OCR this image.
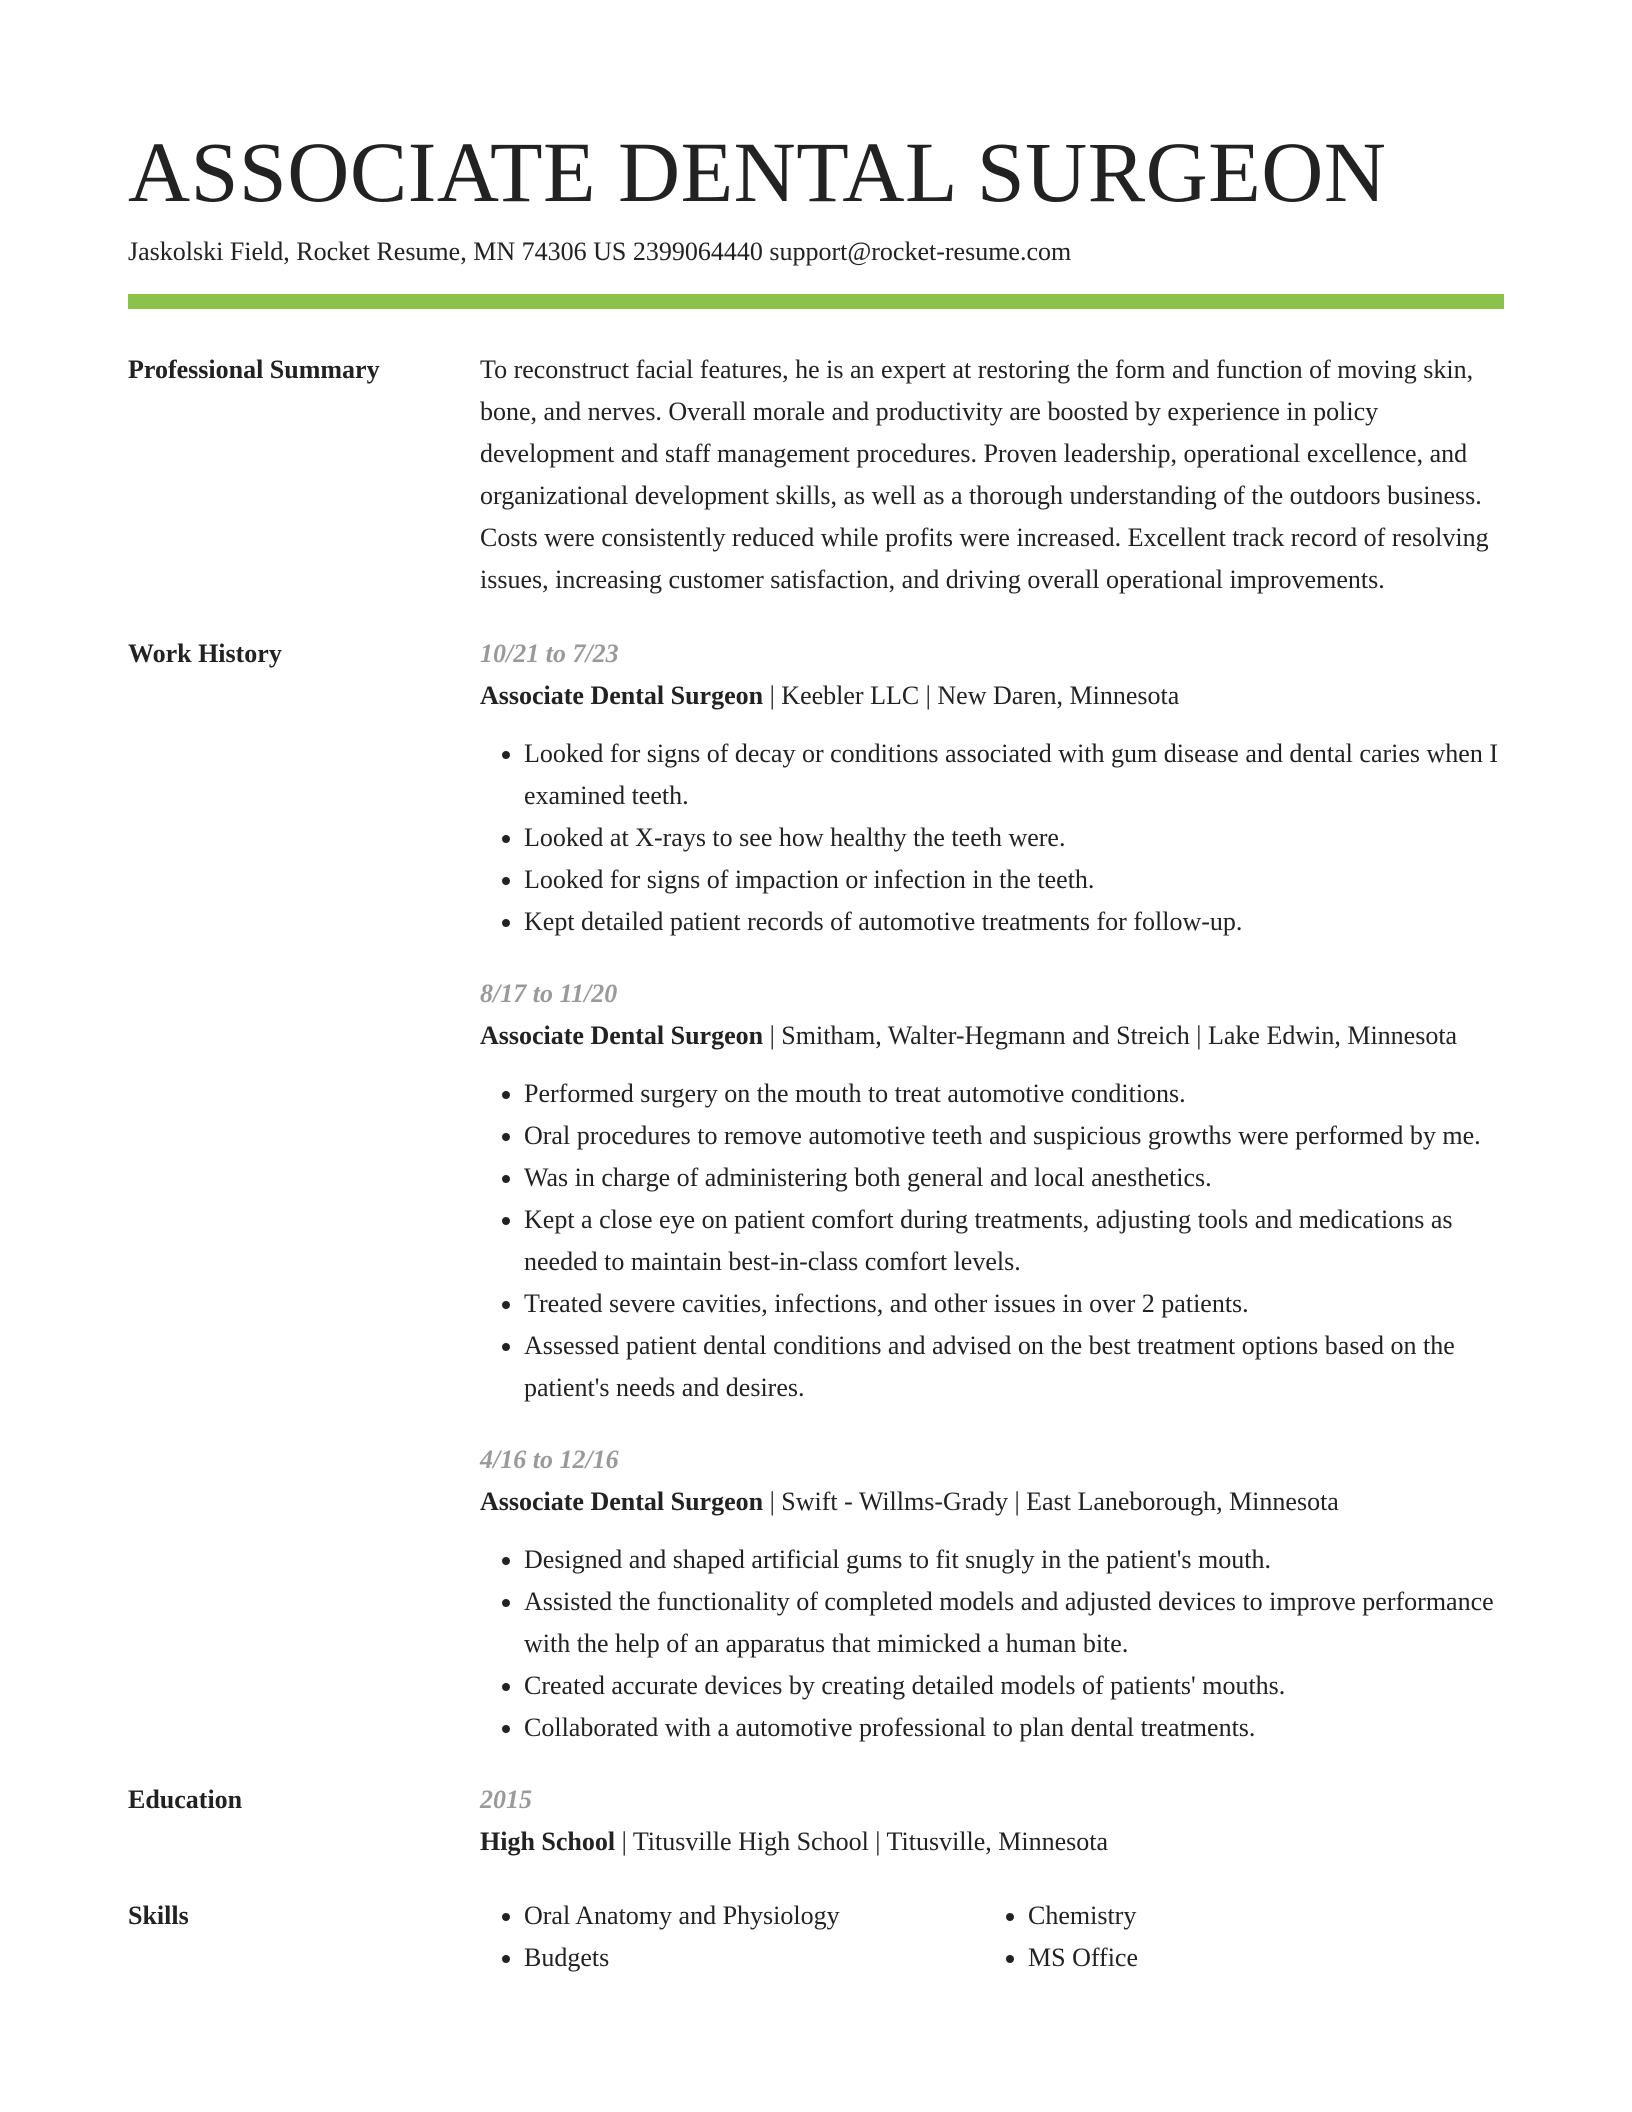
ASSOCIATE DENTAL SURGEON
Jaskolski Field, Rocket Resume, MN 74306 US 2399064440 support@rocket-resume.com
Professional Summary	To reconstruct facial features, he is an expert at restoring the form and function of moving skin, bone, and nerves. Overall morale and productivity are boosted by experience in policy development and staff management procedures. Proven leadership, operational excellence, and organizational development skills, as well as a thorough understanding of the outdoors business. Costs were consistently reduced while profits were increased. Excellent track record of resolving issues, increasing customer satisfaction, and driving overall operational improvements.
Work History	10/21 to 7/23
Associate Dental Surgeon | Keebler LLC | New Daren, Minnesota
• Looked for signs of decay or conditions associated with gum disease and dental caries when I examined teeth.
• Looked at X-rays to see how healthy the teeth were.
• Looked for signs of impaction or infection in the teeth.
• Kept detailed patient records of automotive treatments for follow-up.
8/17 to 11/20
Associate Dental Surgeon | Smitham, Walter-Hegmann and Streich | Lake Edwin, Minnesota
• Performed surgery on the mouth to treat automotive conditions.
• Oral procedures to remove automotive teeth and suspicious growths were performed by me.
• Was in charge of administering both general and local anesthetics.
• Kept a close eye on patient comfort during treatments, adjusting tools and medications as needed to maintain best-in-class comfort levels.
• Treated severe cavities, infections, and other issues in over 2 patients.
• Assessed patient dental conditions and advised on the best treatment options based on the patient's needs and desires.
4/16 to 12/16
Associate Dental Surgeon | Swift - Willms-Grady | East Laneborough, Minnesota
• Designed and shaped artificial gums to fit snugly in the patient's mouth.
• Assisted the functionality of completed models and adjusted devices to improve performance with the help of an apparatus that mimicked a human bite.
• Created accurate devices by creating detailed models of patients' mouths.
• Collaborated with a automotive professional to plan dental treatments.
Education	2015
High School | Titusville High School | Titusville, Minnesota
Skills
•	Oral Anatomy and Physiology
• Budgets
• Chemistry
• MS Office
